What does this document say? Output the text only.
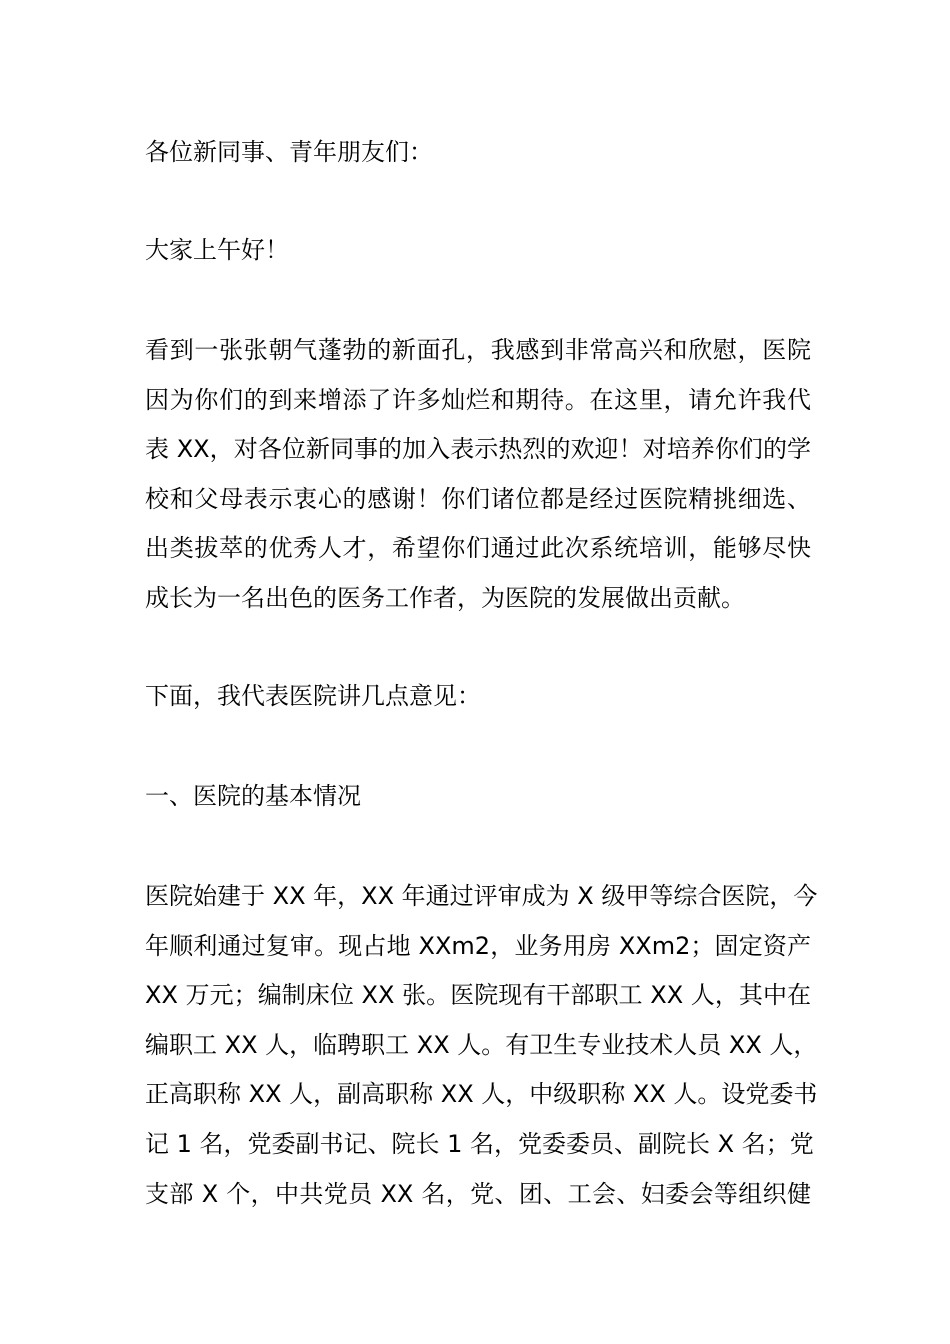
各位新同事、青年朋友们：

大家上午好！

看到一张张朝气蓬勃的新面孔，我感到非常高兴和欣慰，医院
因为你们的到来增添了许多灿烂和期待。在这里，请允许我代
表 XX，对各位新同事的加入表示热烈的欢迎！对培养你们的学
校和父母表示衷心的感谢！你们诸位都是经过医院精挑细选、
出类拔萃的优秀人才，希望你们通过此次系统培训，能够尽快
成长为一名出色的医务工作者，为医院的发展做出贡献。

下面，我代表医院讲几点意见：

一、医院的基本情况

医院始建于 XX 年，XX 年通过评审成为 X 级甲等综合医院，今
年顺利通过复审。现占地 XXm2，业务用房 XXm2；固定资产
XX 万元；编制床位 XX 张。医院现有干部职工 XX 人，其中在
编职工 XX 人，临聘职工 XX 人。有卫生专业技术人员 XX 人，
正高职称 XX 人，副高职称 XX 人，中级职称 XX 人。设党委书
记 1 名，党委副书记、院长 1 名，党委委员、副院长 X 名；党
支部 X 个，中共党员 XX 名，党、团、工会、妇委会等组织健
